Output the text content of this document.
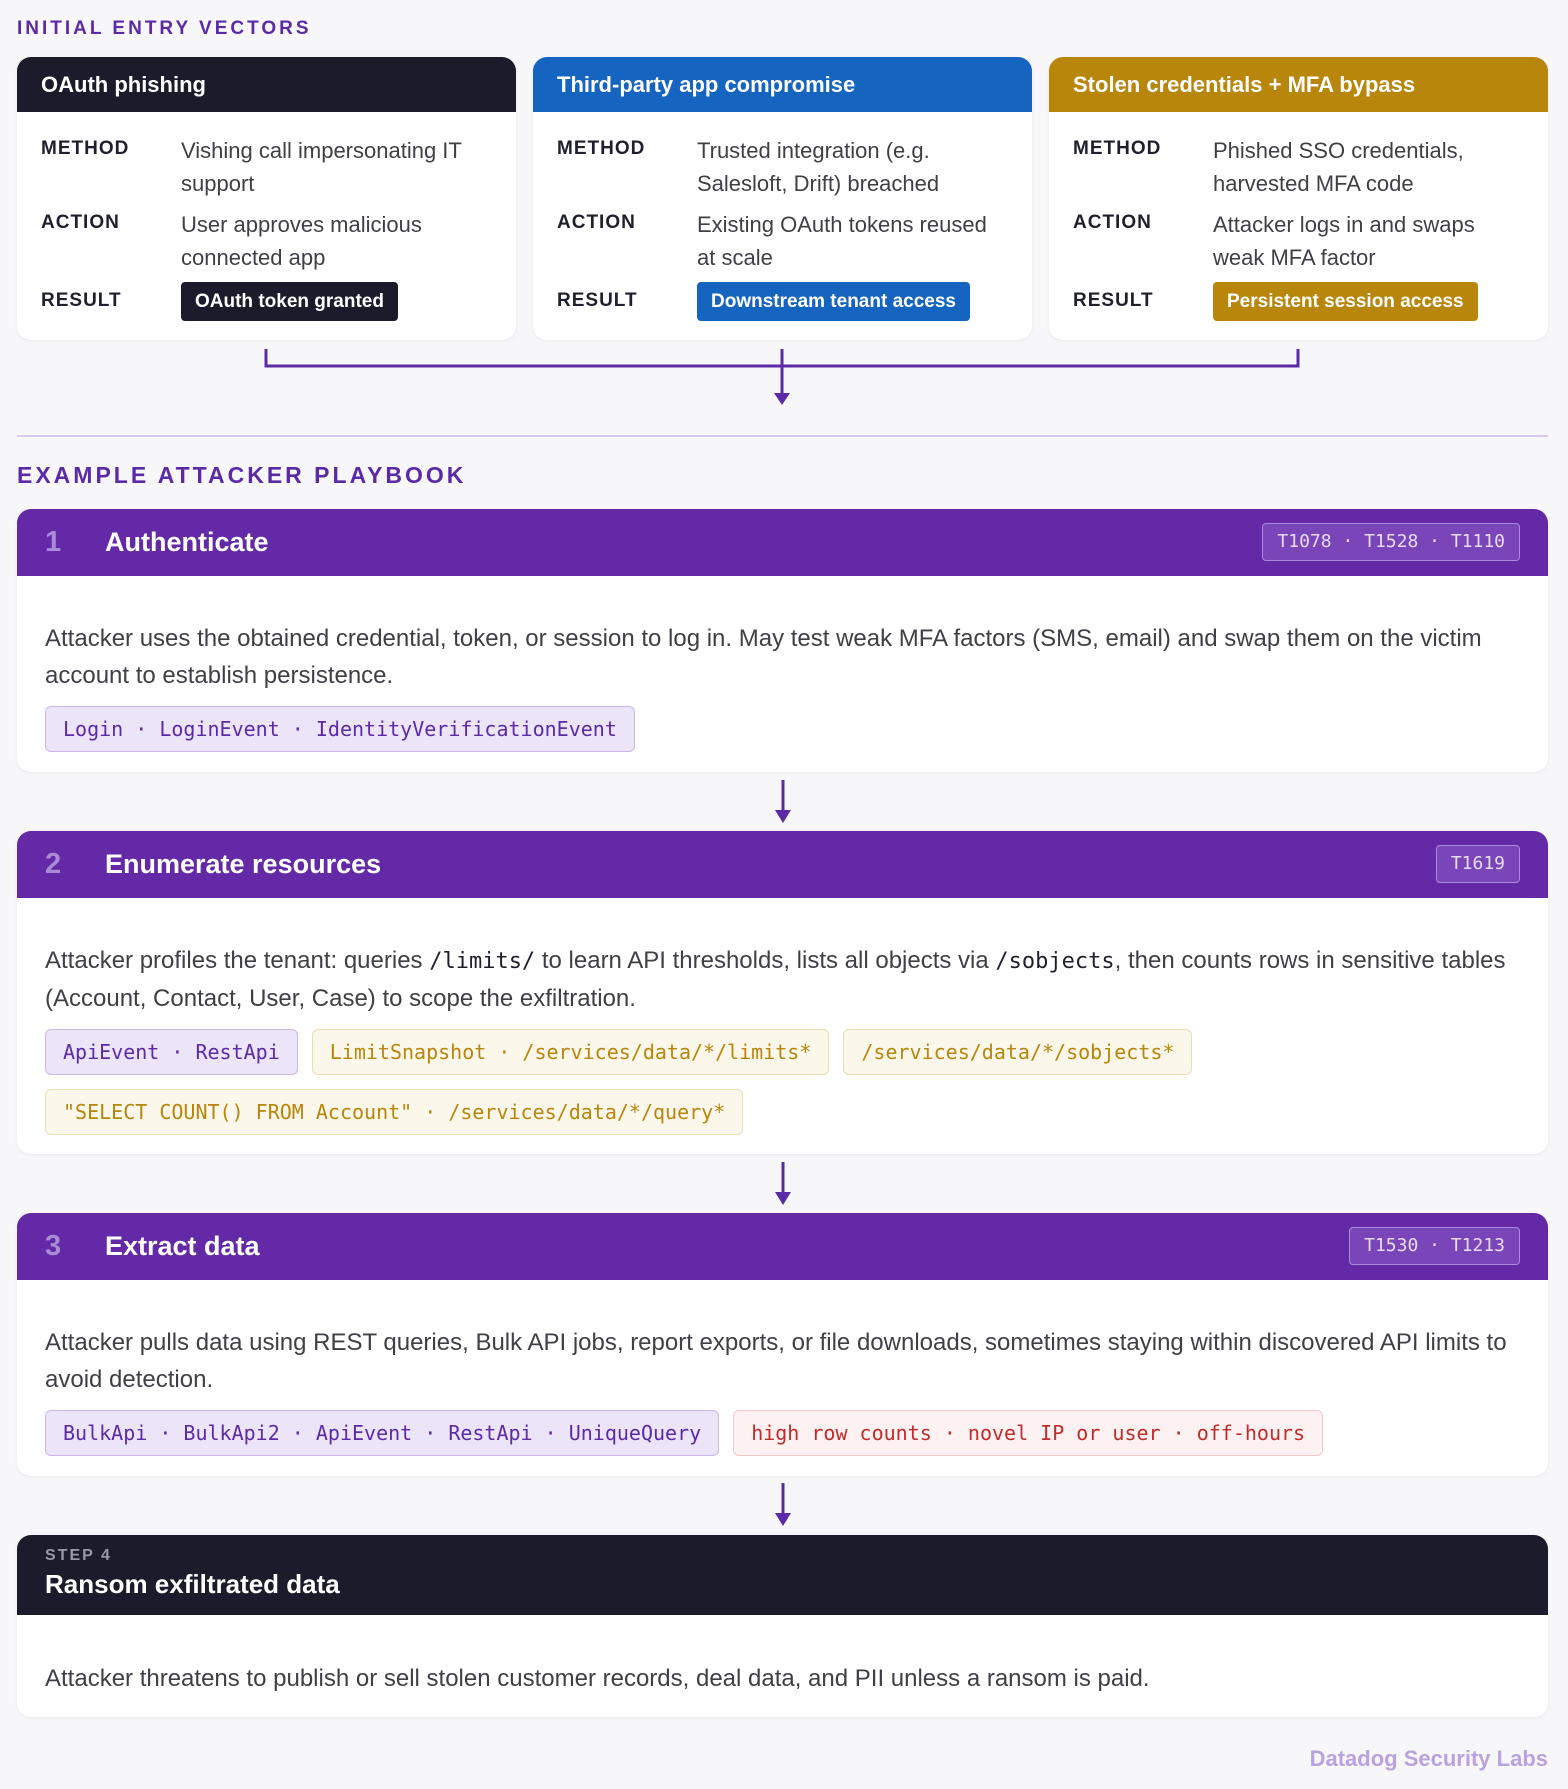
INITIAL ENTRY VECTORS
OAuth phishing
METHOD	Vishing call impersonating IT
support
ACTION	User approves malicious
connected app
RESULT	OAuth token granted
Third-party app compromise
METHOD	Trusted integration (e.g.
Salesloft, Drift) breached
ACTION	Existing OAuth tokens reused
at scale
RESULT	Downstream tenant access
Stolen credentials + MFA bypass
METHOD	Phished SSO credentials,
harvested MFA code
ACTION	Attacker logs in and swaps
weak MFA factor
RESULT	Persistent session access
EXAMPLE ATTACKER PLAYBOOK
1	Authenticate	T1078 · T1528 · T1110
Attacker uses the obtained credential, token, or session to log in. May test weak MFA factors (SMS, email) and swap them on the victim account to establish persistence.
Login · LoginEvent · IdentityVerificationEvent
2	Enumerate resources	T1619
Attacker profiles the tenant: queries /limits/ to learn API thresholds, lists all objects via /sobjects, then counts rows in sensitive tables (Account, Contact, User, Case) to scope the exfiltration.
ApiEvent · RestApi	LimitSnapshot · /services/data/*/limits*	/services/data/*/sobjects*
"SELECT COUNT() FROM Account" · /services/data/*/query*
3	Extract data	T1530 · T1213
Attacker pulls data using REST queries, Bulk API jobs, report exports, or file downloads, sometimes staying within discovered API limits to avoid detection.
BulkApi · BulkApi2 · ApiEvent · RestApi · UniqueQuery	high row counts · novel IP or user · off-hours
STEP 4
Ransom exfiltrated data
Attacker threatens to publish or sell stolen customer records, deal data, and PII unless a ransom is paid.
Datadog Security Labs
